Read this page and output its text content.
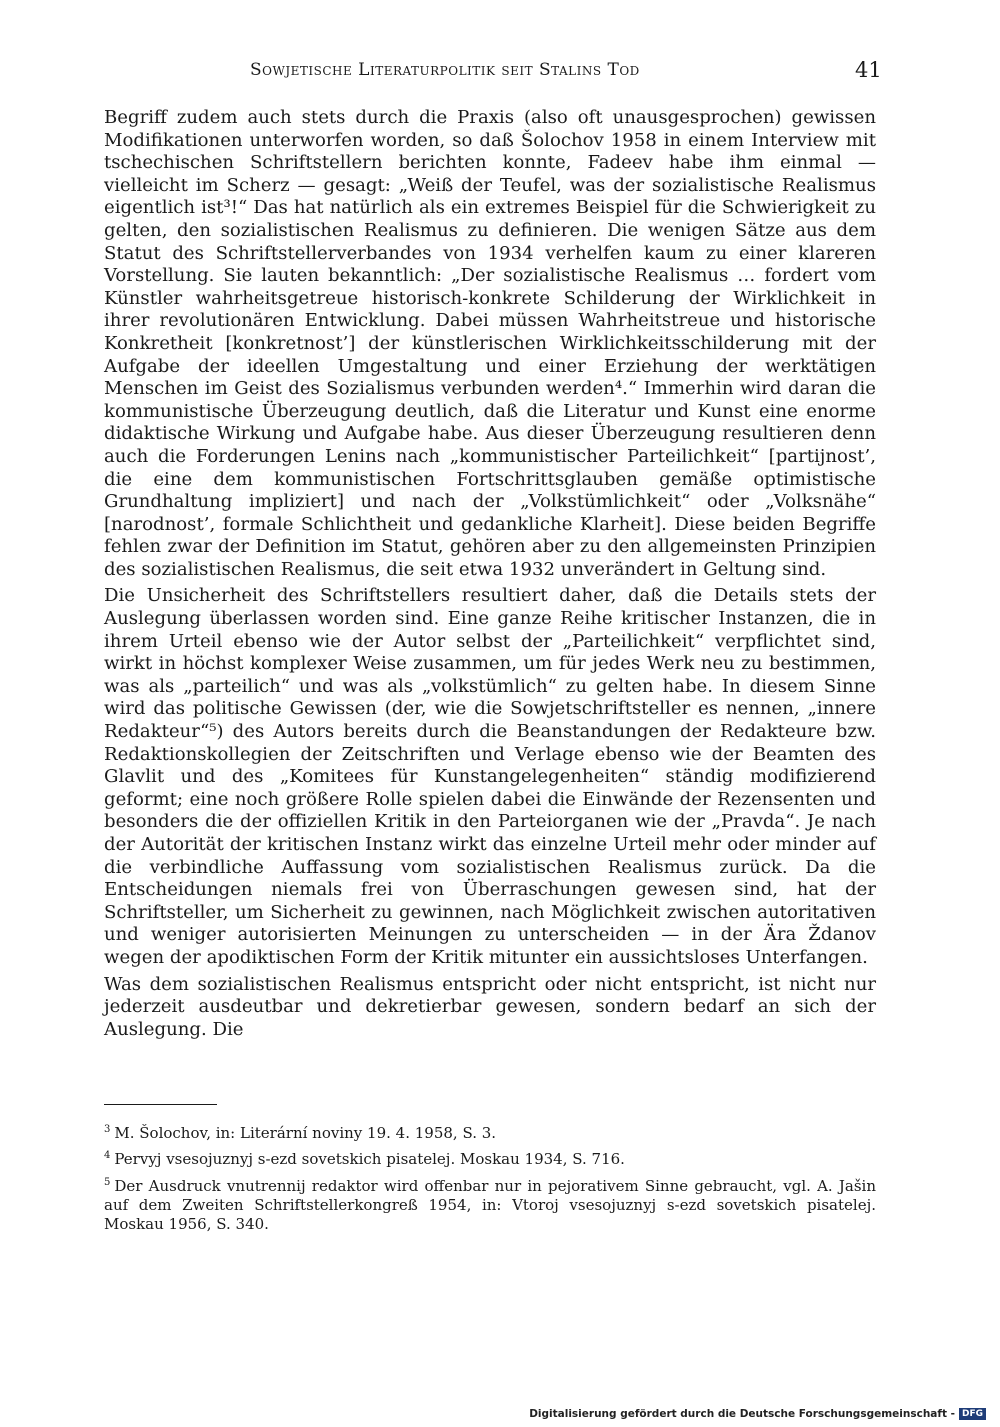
Sowjetische Literaturpolitik seit Stalins Tod	41

Begriff zudem auch stets durch die Praxis (also oft unausgesprochen) gewissen Modifikationen unterworfen worden, so daß Šolochov 1958 in einem Interview mit tschechischen Schriftstellern berichten konnte, Fadeev habe ihm einmal — vielleicht im Scherz — gesagt: „Weiß der Teufel, was der sozialistische Realismus eigentlich ist³!“ Das hat natürlich als ein extremes Beispiel für die Schwierigkeit zu gelten, den sozialistischen Realismus zu definieren. Die wenigen Sätze aus dem Statut des Schriftstellerverbandes von 1934 verhelfen kaum zu einer klareren Vorstellung. Sie lauten bekanntlich: „Der sozialistische Realismus … fordert vom Künstler wahrheitsgetreue historisch-konkrete Schilderung der Wirklichkeit in ihrer revolutionären Entwicklung. Dabei müssen Wahrheitstreue und historische Konkretheit [konkretnost’] der künstlerischen Wirklichkeitsschilderung mit der Aufgabe der ideellen Umgestaltung und einer Erziehung der werktätigen Menschen im Geist des Sozialismus verbunden werden⁴.“ Immerhin wird daran die kommunistische Überzeugung deutlich, daß die Literatur und Kunst eine enorme didaktische Wirkung und Aufgabe habe. Aus dieser Überzeugung resultieren denn auch die Forderungen Lenins nach „kommunistischer Parteilichkeit“ [partijnost’, die eine dem kommunistischen Fortschrittsglauben gemäße optimistische Grundhaltung impliziert] und nach der „Volkstümlichkeit“ oder „Volksnähe“ [narodnost’, formale Schlichtheit und gedankliche Klarheit]. Diese beiden Begriffe fehlen zwar der Definition im Statut, gehören aber zu den allgemeinsten Prinzipien des sozialistischen Realismus, die seit etwa 1932 unverändert in Geltung sind.

Die Unsicherheit des Schriftstellers resultiert daher, daß die Details stets der Auslegung überlassen worden sind. Eine ganze Reihe kritischer Instanzen, die in ihrem Urteil ebenso wie der Autor selbst der „Parteilichkeit“ verpflichtet sind, wirkt in höchst komplexer Weise zusammen, um für jedes Werk neu zu bestimmen, was als „parteilich“ und was als „volkstümlich“ zu gelten habe. In diesem Sinne wird das politische Gewissen (der, wie die Sowjetschriftsteller es nennen, „innere Redakteur“⁵) des Autors bereits durch die Beanstandungen der Redakteure bzw. Redaktionskollegien der Zeitschriften und Verlage ebenso wie der Beamten des Glavlit und des „Komitees für Kunstangelegenheiten“ ständig modifizierend geformt; eine noch größere Rolle spielen dabei die Einwände der Rezensenten und besonders die der offiziellen Kritik in den Parteiorganen wie der „Pravda“. Je nach der Autorität der kritischen Instanz wirkt das einzelne Urteil mehr oder minder auf die verbindliche Auffassung vom sozialistischen Realismus zurück. Da die Entscheidungen niemals frei von Überraschungen gewesen sind, hat der Schriftsteller, um Sicherheit zu gewinnen, nach Möglichkeit zwischen autoritativen und weniger autorisierten Meinungen zu unterscheiden — in der Ära Ždanov wegen der apodiktischen Form der Kritik mitunter ein aussichtsloses Unterfangen.

Was dem sozialistischen Realismus entspricht oder nicht entspricht, ist nicht nur jederzeit ausdeutbar und dekretierbar gewesen, sondern bedarf an sich der Auslegung. Die

$^3$ M. Šolochov, in: Literární noviny 19. 4. 1958, S. 3.

$^4$ Pervyj vsesojuznyj s-ezd sovetskich pisatelej. Moskau 1934, S. 716.

$^5$ Der Ausdruck vnutrennij redaktor wird offenbar nur in pejorativem Sinne gebraucht, vgl. A. Jašin auf dem Zweiten Schriftstellerkongreß 1954, in: Vtoroj vsesojuznyj s-ezd sovetskich pisatelej. Moskau 1956, S. 340.

Digitalisierung gefördert durch die Deutsche Forschungsgemeinschaft - DFG
